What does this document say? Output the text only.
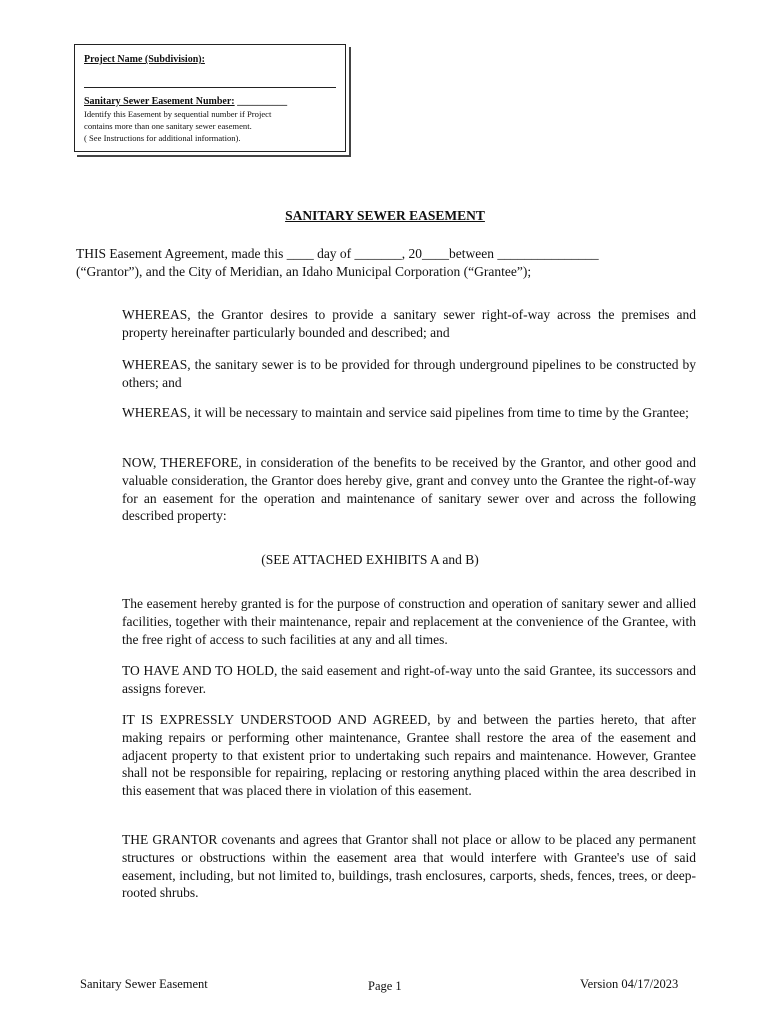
Project Name (Subdivision):
Sanitary Sewer Easement Number: __________
Identify this Easement by sequential number if Project
contains more than one sanitary sewer easement.
( See Instructions for additional information).
SANITARY SEWER EASEMENT
THIS Easement Agreement, made this ____ day of _______, 20____between _______________
(“Grantor”), and the City of Meridian, an Idaho Municipal Corporation (“Grantee”);
WHEREAS, the Grantor desires to provide a sanitary sewer right-of-way across the premises and property hereinafter particularly bounded and described; and
WHEREAS, the sanitary sewer is to be provided for through underground pipelines to be constructed by others; and
WHEREAS, it will be necessary to maintain and service said pipelines from time to time by the Grantee;
NOW, THEREFORE, in consideration of the benefits to be received by the Grantor, and other good and valuable consideration, the Grantor does hereby give, grant and convey unto the Grantee the right-of-way for an easement for the operation and maintenance of sanitary sewer over and across the following described property:
(SEE ATTACHED EXHIBITS A and B)
The easement hereby granted is for the purpose of construction and operation of sanitary sewer and allied facilities, together with their maintenance, repair and replacement at the convenience of the Grantee, with the free right of access to such facilities at any and all times.
TO HAVE AND TO HOLD, the said easement and right-of-way unto the said Grantee, its successors and assigns forever.
IT IS EXPRESSLY UNDERSTOOD AND AGREED, by and between the parties hereto, that after making repairs or performing other maintenance, Grantee shall restore the area of the easement and adjacent property to that existent prior to undertaking such repairs and maintenance. However, Grantee shall not be responsible for repairing, replacing or restoring anything placed within the area described in this easement that was placed there in violation of this easement.
THE GRANTOR covenants and agrees that Grantor shall not place or allow to be placed any permanent structures or obstructions within the easement area that would interfere with Grantee's use of said easement, including, but not limited to, buildings, trash enclosures, carports, sheds, fences, trees, or deep-rooted shrubs.
Sanitary Sewer Easement	Page 1	Version 04/17/2023
